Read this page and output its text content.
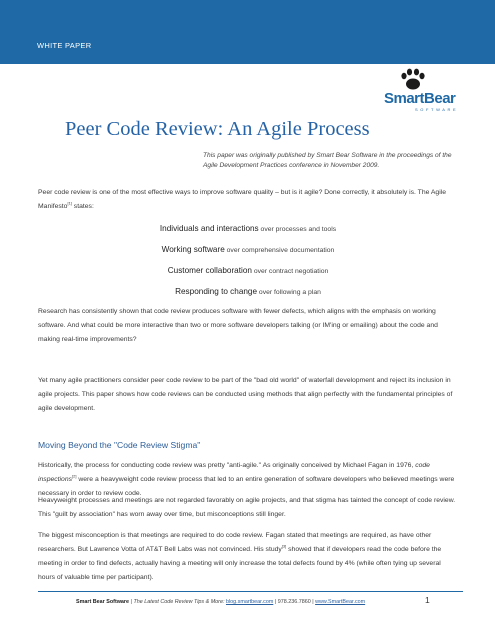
WHITE PAPER
SmartBear
SOFTWARE
Peer Code Review: An Agile Process
This paper was originally published by Smart Bear Software in the proceedings of the Agile Development Practices conference in November 2009.

Peer code review is one of the most effective ways to improve software quality – but is it agile? Done correctly, it absolutely is. The Agile Manifesto[1] states:

Individuals and interactions over processes and tools
Working software over comprehensive documentation
Customer collaboration over contract negotiation
Responding to change over following a plan

Research has consistently shown that code review produces software with fewer defects, which aligns with the emphasis on working software. And what could be more interactive than two or more software developers talking (or IM'ing or emailing) about the code and making real-time improvements?

Yet many agile practitioners consider peer code review to be part of the "bad old world" of waterfall development and reject its inclusion in agile projects. This paper shows how code reviews can be conducted using methods that align perfectly with the fundamental principles of agile development.

Moving Beyond the "Code Review Stigma"

Historically, the process for conducting code review was pretty "anti-agile." As originally conceived by Michael Fagan in 1976, code inspections[2] were a heavyweight code review process that led to an entire generation of software developers who believed meetings were necessary in order to review code.

Heavyweight processes and meetings are not regarded favorably on agile projects, and that stigma has tainted the concept of code review. This "guilt by association" has worn away over time, but misconceptions still linger.

The biggest misconception is that meetings are required to do code review. Fagan stated that meetings are required, as have other researchers. But Lawrence Votta of AT&T Bell Labs was not convinced. His study[3] showed that if developers read the code before the meeting in order to find defects, actually having a meeting will only increase the total defects found by 4% (while often tying up several hours of valuable time per participant).

Smart Bear Software | The Latest Code Review Tips & More: blog.smartbear.com | 978.236.7860 | www.SmartBear.com	1
